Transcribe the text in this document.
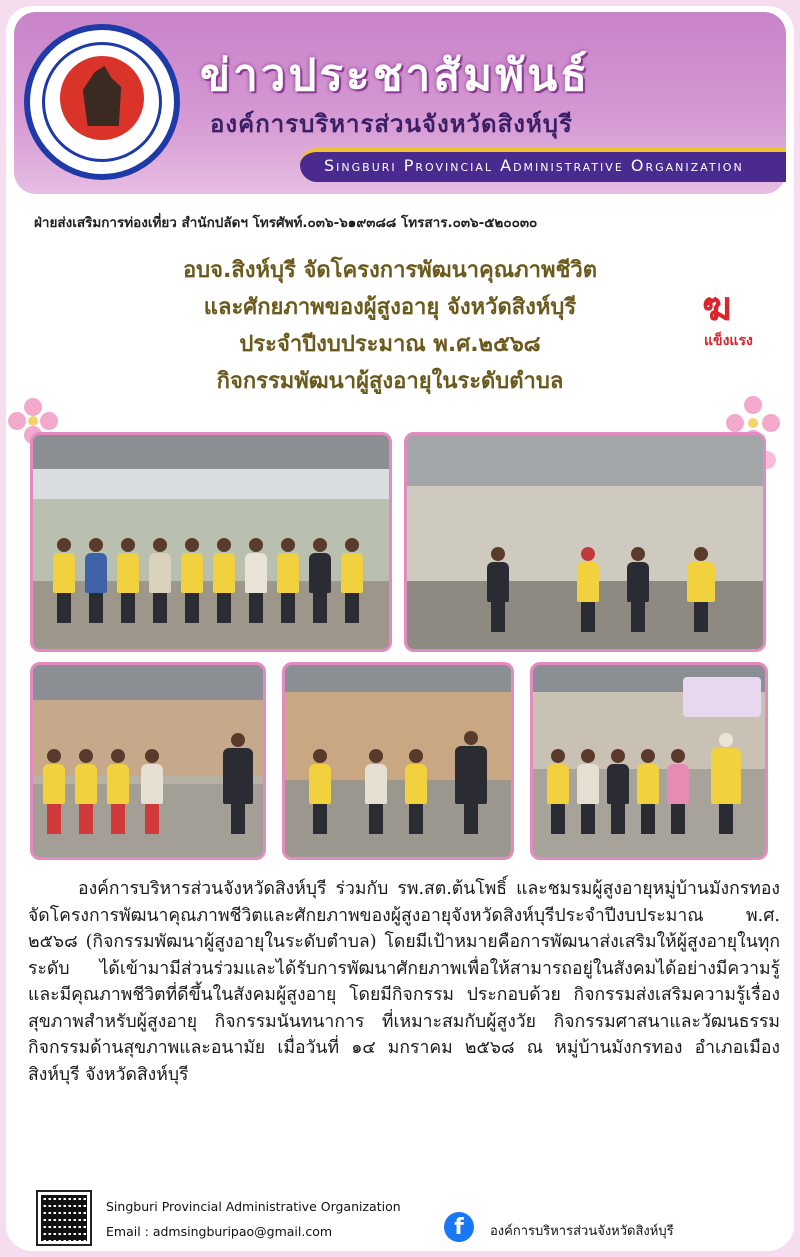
ข่าวประชาสัมพันธ์
องค์การบริหารส่วนจังหวัดสิงห์บุรี
Singburi Provincial Administrative Organization
ฝ่ายส่งเสริมการท่องเที่ยว สำนักปลัดฯ โทรศัพท์.๐๓๖-๖๑๙๓๘๘ โทรสาร.๐๓๖-๕๒๐๐๓๐
อบจ.สิงห์บุรี จัดโครงการพัฒนาคุณภาพชีวิต
และศักยภาพของผู้สูงอายุ จังหวัดสิงห์บุรี
ประจำปีงบประมาณ พ.ศ.๒๕๖๘
กิจกรรมพัฒนาผู้สูงอายุในระดับตำบล
ฆ
แข็งแรง

องค์การบริหารส่วนจังหวัดสิงห์บุรี ร่วมกับ รพ.สต.ต้นโพธิ์ และชมรมผู้สูงอายุหมู่บ้านมังกรทอง จัดโครงการพัฒนาคุณภาพชีวิตและศักยภาพของผู้สูงอายุจังหวัดสิงห์บุรีประจำปีงบประมาณ พ.ศ. ๒๕๖๘ (กิจกรรมพัฒนาผู้สูงอายุในระดับตำบล) โดยมีเป้าหมายคือการพัฒนาส่งเสริมให้ผู้สูงอายุในทุกระดับ ได้เข้ามามีส่วนร่วมและได้รับการพัฒนาศักยภาพเพื่อให้สามารถอยู่ในสังคมได้อย่างมีความรู้ และมีคุณภาพชีวิตที่ดีขึ้นในสังคมผู้สูงอายุ โดยมีกิจกรรม ประกอบด้วย กิจกรรมส่งเสริมความรู้เรื่องสุขภาพสำหรับผู้สูงอายุ กิจกรรมนันทนาการ ที่เหมาะสมกับผู้สูงวัย กิจกรรมศาสนาและวัฒนธรรม กิจกรรมด้านสุขภาพและอนามัย เมื่อวันที่ ๑๔ มกราคม ๒๕๖๘ ณ หมู่บ้านมังกรทอง อำเภอเมืองสิงห์บุรี จังหวัดสิงห์บุรี

Singburi Provincial Administrative Organization
Email : admsingburipao@gmail.com	f	องค์การบริหารส่วนจังหวัดสิงห์บุรี
